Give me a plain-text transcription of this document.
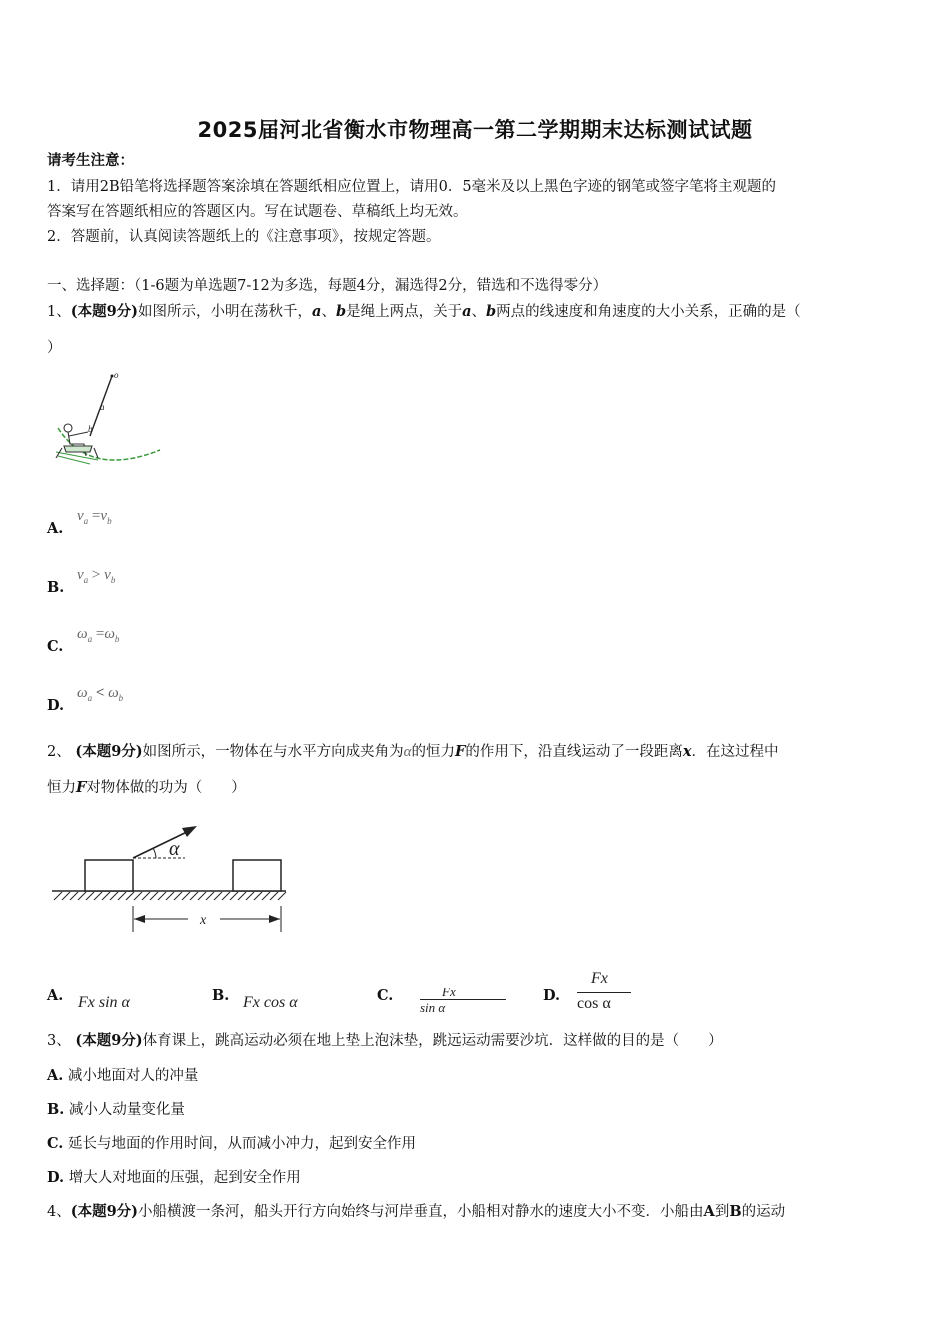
2025届河北省衡水市物理高一第二学期期末达标测试试题
请考生注意：
1．请用2B铅笔将选择题答案涂填在答题纸相应位置上，请用0．5毫米及以上黑色字迹的钢笔或签字笔将主观题的
答案写在答题纸相应的答题区内。写在试题卷、草稿纸上均无效。
2．答题前，认真阅读答题纸上的《注意事项》，按规定答题。
一、选择题：（1-6题为单选题7-12为多选，每题4分，漏选得2分，错选和不选得零分）
1、(本题9分)如图所示，小明在荡秋千，a、b是绳上两点，关于a、b两点的线速度和角速度的大小关系，正确的是（
）
o
a
b
A.
$v_a =v_b$
B.
$v_a > v_b$
C.
$\omega_a =\omega_b$
D.
$\omega_a < \omega_b$
2、 (本题9分)如图所示，一物体在与水平方向成夹角为α的恒力F的作用下，沿直线运动了一段距离x．在这过程中
恒力F对物体做的功为（　　）
α
x
A. Fx sin α	B. Fx cos α	C.	Fx
sin α
D.
Fx
cos α
3、 (本题9分)体育课上，跳高运动必须在地上垫上泡沫垫，跳远运动需要沙坑．这样做的目的是（　　）
A. 减小地面对人的冲量
B. 减小人动量变化量
C. 延长与地面的作用时间，从而减小冲力，起到安全作用
D. 增大人对地面的压强，起到安全作用
4、(本题9分)小船横渡一条河，船头开行方向始终与河岸垂直，小船相对静水的速度大小不变．小船由A到B的运动
